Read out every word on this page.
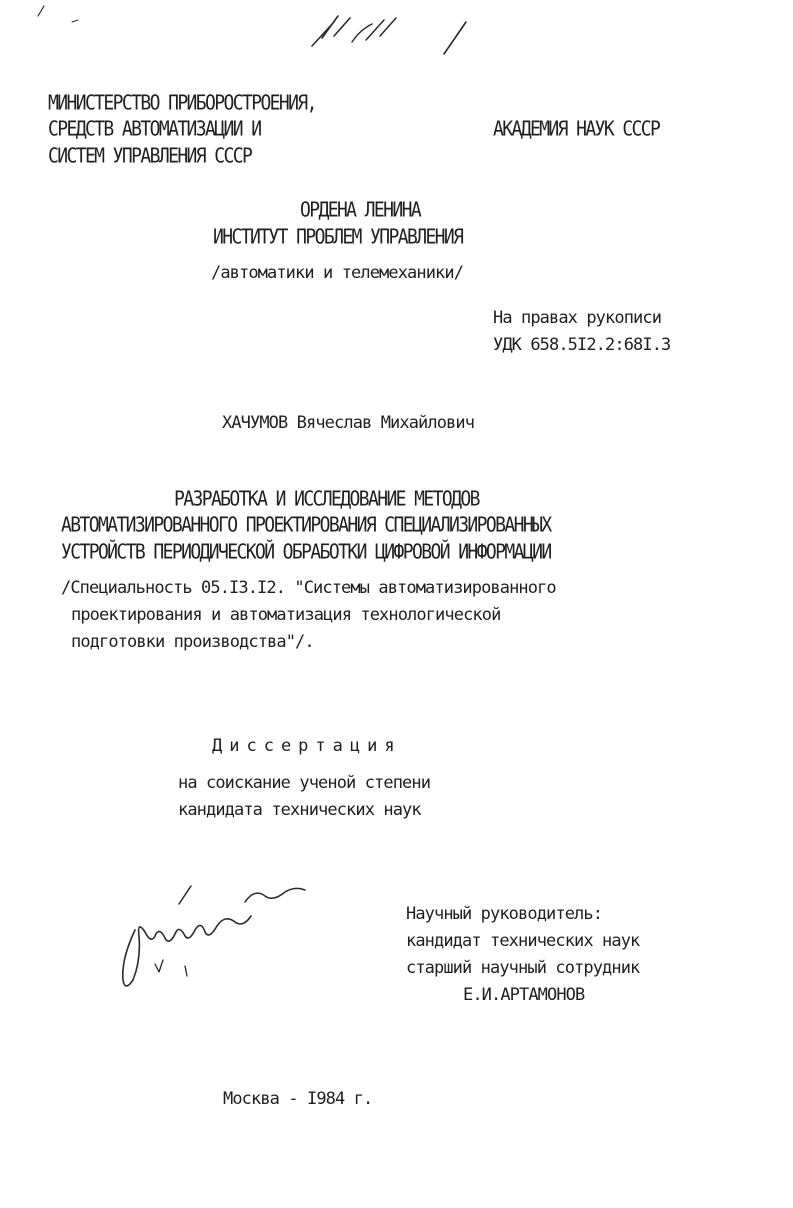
МИНИСТЕРСТВО ПРИБОРОСТРОЕНИЯ,
СРЕДСТВ АВТОМАТИЗАЦИИ И
СИСТЕМ УПРАВЛЕНИЯ СССР
АКАДЕМИЯ НАУК СССР
ОРДЕНА ЛЕНИНА
ИНСТИТУТ ПРОБЛЕМ УПРАВЛЕНИЯ
/автоматики и телемеханики/
На правах рукописи
УДК 658.5I2.2:68I.3
ХАЧУМОВ Вячеслав Михайлович
РАЗРАБОТКА И ИССЛЕДОВАНИЕ МЕТОДОВ
АВТОМАТИЗИРОВАННОГО ПРОЕКТИРОВАНИЯ СПЕЦИАЛИЗИРОВАННЫХ
УСТРОЙСТВ ПЕРИОДИЧЕСКОЙ ОБРАБОТКИ ЦИФРОВОЙ ИНФОРМАЦИИ
/Специальность 05.I3.I2. "Системы автоматизированного
проектирования и автоматизация технологической
подготовки производства"/.
Диссертация
на соискание ученой степени
кандидата технических наук
Научный руководитель:
кандидат технических наук
старший научный сотрудник
Е.И.АРТАМОНОВ
Москва - I984 г.
